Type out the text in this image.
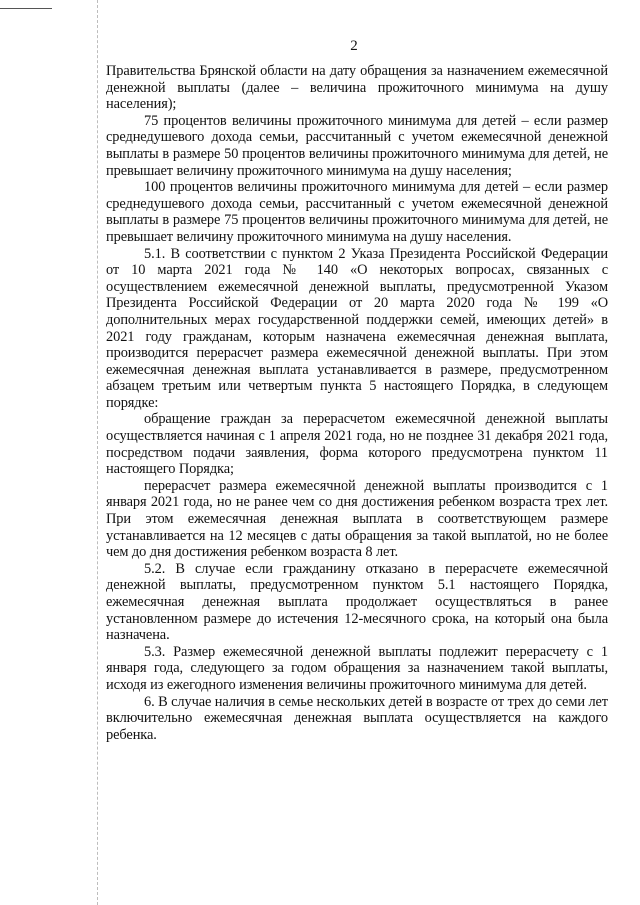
2

Правительства Брянской области на дату обращения за назначением ежемесячной денежной выплаты (далее – величина прожиточного минимума на душу населения);

75 процентов величины прожиточного минимума для детей – если размер среднедушевого дохода семьи, рассчитанный с учетом ежемесячной денежной выплаты в размере 50 процентов величины прожиточного минимума для детей, не превышает величину прожиточного минимума на душу населения;

100 процентов величины прожиточного минимума для детей – если размер среднедушевого дохода семьи, рассчитанный с учетом ежемесячной денежной выплаты в размере 75 процентов величины прожиточного минимума для детей, не превышает величину прожиточного минимума на душу населения.

5.1. В соответствии с пунктом 2 Указа Президента Российской Федерации от 10 марта 2021 года № 140 «О некоторых вопросах, связанных с осуществлением ежемесячной денежной выплаты, предусмотренной Указом Президента Российской Федерации от 20 марта 2020 года № 199 «О дополнительных мерах государственной поддержки семей, имеющих детей» в 2021 году гражданам, которым назначена ежемесячная денежная выплата, производится перерасчет размера ежемесячной денежной выплаты. При этом ежемесячная денежная выплата устанавливается в размере, предусмотренном абзацем третьим или четвертым пункта 5 настоящего Порядка, в следующем порядке:

обращение граждан за перерасчетом ежемесячной денежной выплаты осуществляется начиная с 1 апреля 2021 года, но не позднее 31 декабря 2021 года, посредством подачи заявления, форма которого предусмотрена пунктом 11 настоящего Порядка;

перерасчет размера ежемесячной денежной выплаты производится с 1 января 2021 года, но не ранее чем со дня достижения ребенком возраста трех лет. При этом ежемесячная денежная выплата в соответствующем размере устанавливается на 12 месяцев с даты обращения за такой выплатой, но не более чем до дня достижения ребенком возраста 8 лет.

5.2. В случае если гражданину отказано в перерасчете ежемесячной денежной выплаты, предусмотренном пунктом 5.1 настоящего Порядка, ежемесячная денежная выплата продолжает осуществляться в ранее установленном размере до истечения 12-месячного срока, на который она была назначена.

5.3. Размер ежемесячной денежной выплаты подлежит перерасчету с 1 января года, следующего за годом обращения за назначением такой выплаты, исходя из ежегодного изменения величины прожиточного минимума для детей.

6. В случае наличия в семье нескольких детей в возрасте от трех до семи лет включительно ежемесячная денежная выплата осуществляется на каждого ребенка.
